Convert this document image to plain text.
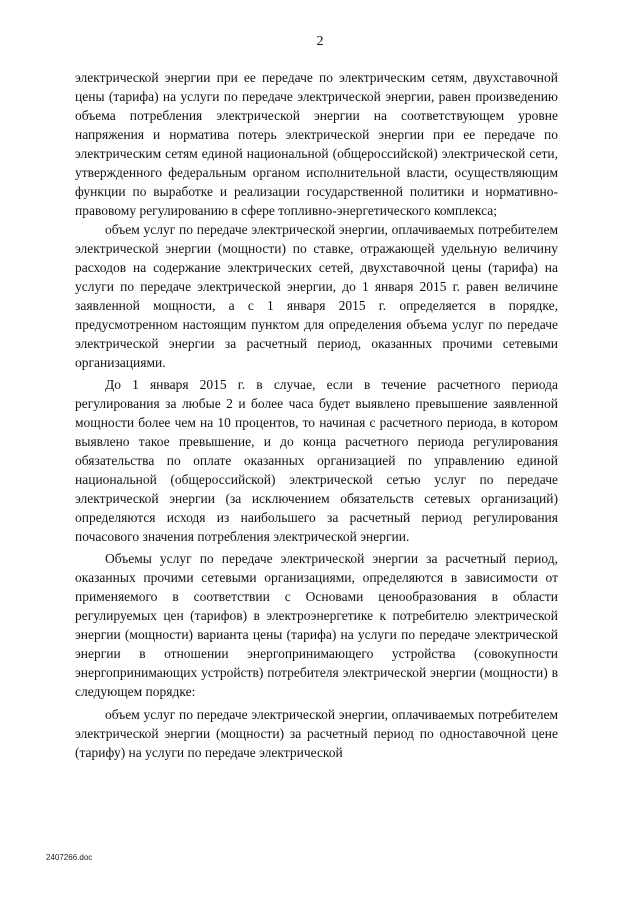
2

электрической энергии при ее передаче по электрическим сетям, двухставочной цены (тарифа) на услуги по передаче электрической энергии, равен произведению объема потребления электрической энергии на соответствующем уровне напряжения и норматива потерь электрической энергии при ее передаче по электрическим сетям единой национальной (общероссийской) электрической сети, утвержденного федеральным органом исполнительной власти, осуществляющим функции по выработке и реализации государственной политики и нормативно-правовому регулированию в сфере топливно-энергетического комплекса;

объем услуг по передаче электрической энергии, оплачиваемых потребителем электрической энергии (мощности) по ставке, отражающей удельную величину расходов на содержание электрических сетей, двухставочной цены (тарифа) на услуги по передаче электрической энергии, до 1 января 2015 г. равен величине заявленной мощности, а с 1 января 2015 г. определяется в порядке, предусмотренном настоящим пунктом для определения объема услуг по передаче электрической энергии за расчетный период, оказанных прочими сетевыми организациями.

До 1 января 2015 г. в случае, если в течение расчетного периода регулирования за любые 2 и более часа будет выявлено превышение заявленной мощности более чем на 10 процентов, то начиная с расчетного периода, в котором выявлено такое превышение, и до конца расчетного периода регулирования обязательства по оплате оказанных организацией по управлению единой национальной (общероссийской) электрической сетью услуг по передаче электрической энергии (за исключением обязательств сетевых организаций) определяются исходя из наибольшего за расчетный период регулирования почасового значения потребления электрической энергии.

Объемы услуг по передаче электрической энергии за расчетный период, оказанных прочими сетевыми организациями, определяются в зависимости от применяемого в соответствии с Основами ценообразования в области регулируемых цен (тарифов) в электроэнергетике к потребителю электрической энергии (мощности) варианта цены (тарифа) на услуги по передаче электрической энергии в отношении энергопринимающего устройства (совокупности энергопринимающих устройств) потребителя электрической энергии (мощности) в следующем порядке:

объем услуг по передаче электрической энергии, оплачиваемых потребителем электрической энергии (мощности) за расчетный период по одноставочной цене (тарифу) на услуги по передаче электрической

2407266.doc
